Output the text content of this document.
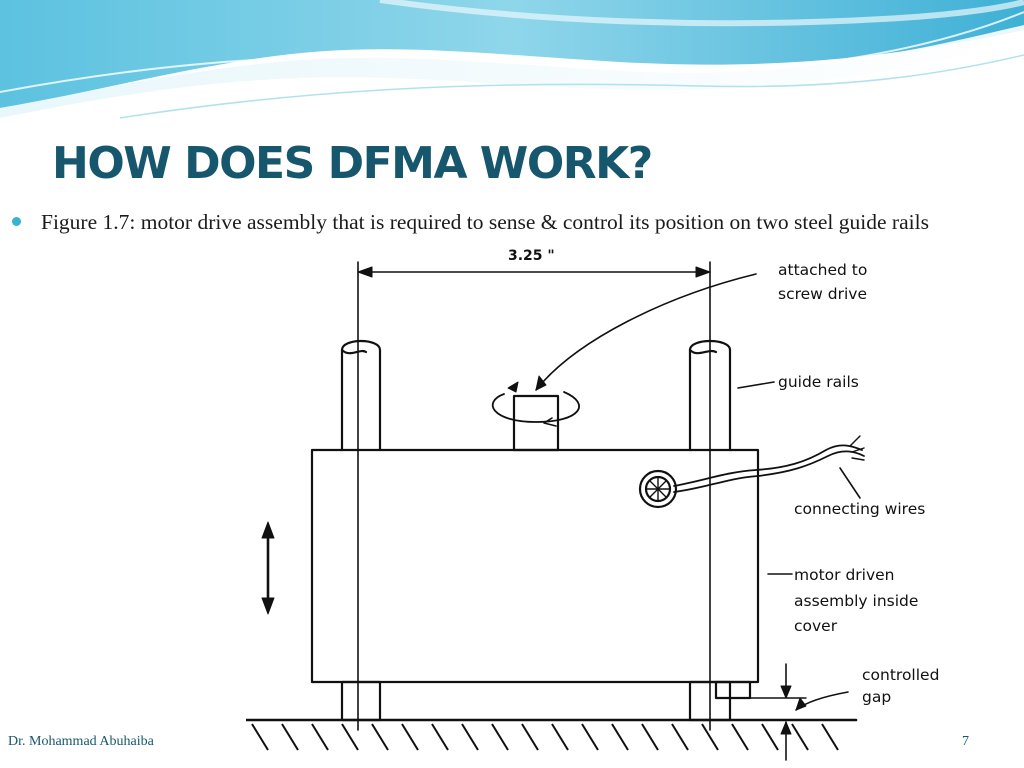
HOW DOES DFMA WORK?

Figure 1.7: motor drive assembly that is required to sense & control its position on two steel guide rails

3.25 "
attached to
screw drive
guide rails
connecting wires
motor driven
assembly inside
cover
controlled
gap
Dr. Mohammad Abuhaiba	7
